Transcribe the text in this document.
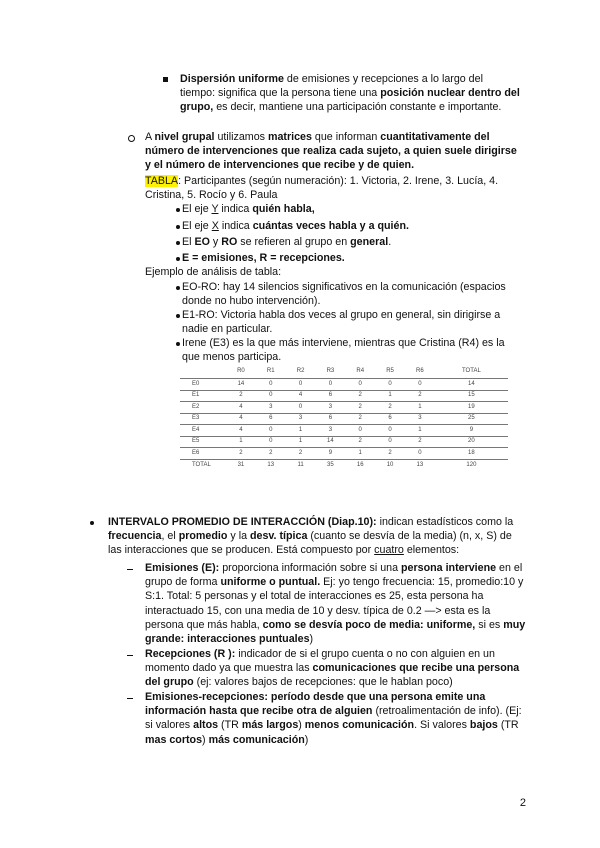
Dispersión uniforme de emisiones y recepciones a lo largo del tiempo: significa que la persona tiene una posición nuclear dentro del grupo, es decir, mantiene una participación constante e importante.

A nivel grupal utilizamos matrices que informan cuantitativamente del número de intervenciones que realiza cada sujeto, a quien suele dirigirse y el número de intervenciones que recibe y de quien.

TABLA: Participantes (según numeración): 1. Victoria, 2. Irene, 3. Lucía, 4. Cristina, 5. Rocío y 6. Paula

El eje Y indica quién habla,

El eje X indica cuántas veces habla y a quién.

El EO y RO se refieren al grupo en general.

E = emisiones, R = recepciones.

Ejemplo de análisis de tabla:

EO-RO: hay 14 silencios significativos en la comunicación (espacios donde no hubo intervención).

E1-RO: Victoria habla dos veces al grupo en general, sin dirigirse a nadie en particular.

Irene (E3) es la que más interviene, mientras que Cristina (R4) es la que menos participa.

	R0	R1	R2	R3	R4	R5	R6	TOTAL
E0	14	0	0	0	0	0	0	14
E1	2	0	4	6	2	1	2	15
E2	4	3	0	3	2	2	1	19
E3	4	6	3	6	2	6	3	25
E4	4	0	1	3	0	0	1	9
E5	1	0	1	14	2	0	2	20
E6	2	2	2	9	1	2	0	18
TOTAL	31	13	11	35	16	10	13	120

INTERVALO PROMEDIO DE INTERACCIÓN (Diap.10): indican estadísticos como la frecuencia, el promedio y la desv. típica (cuanto se desvía de la media) (n, x, S) de las interacciones que se producen. Está compuesto por cuatro elementos:

Emisiones (E): proporciona información sobre si una persona interviene en el grupo de forma uniforme o puntual. Ej: yo tengo frecuencia: 15, promedio:10 y S:1. Total: 5 personas y el total de interacciones es 25, esta persona ha interactuado 15, con una media de 10 y desv. típica de 0.2 —> esta es la persona que más habla, como se desvía poco de media: uniforme, si es muy grande: interacciones puntuales)

Recepciones (R ): indicador de si el grupo cuenta o no con alguien en un momento dado ya que muestra las comunicaciones que recibe una persona del grupo (ej: valores bajos de recepciones: que le hablan poco)

Emisiones-recepciones: período desde que una persona emite una información hasta que recibe otra de alguien (retroalimentación de info). (Ej: si valores altos (TR más largos) menos comunicación. Si valores bajos (TR mas cortos) más comunicación)

2
